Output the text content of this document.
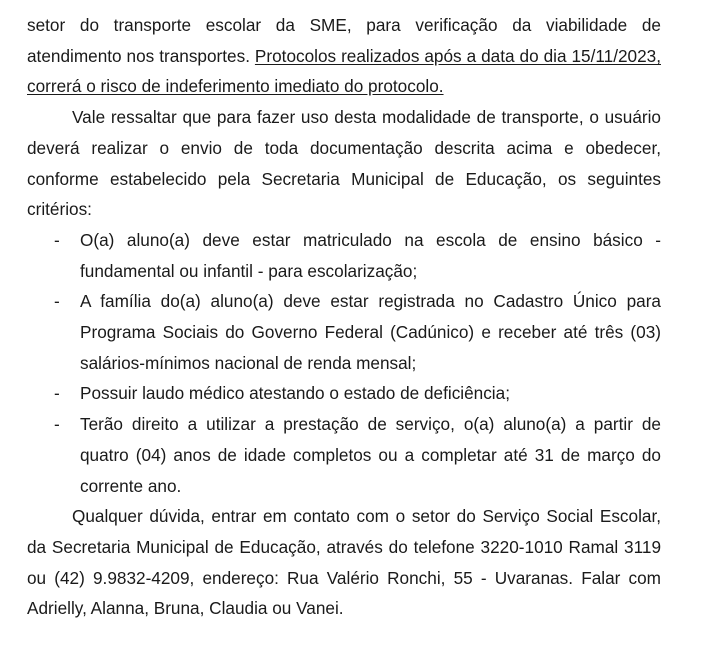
setor do transporte escolar da SME, para verificação da viabilidade de atendimento nos transportes. Protocolos realizados após a data do dia 15/11/2023, correrá o risco de indeferimento imediato do protocolo.

Vale ressaltar que para fazer uso desta modalidade de transporte, o usuário deverá realizar o envio de toda documentação descrita acima e obedecer, conforme estabelecido pela Secretaria Municipal de Educação, os seguintes critérios:

- O(a) aluno(a) deve estar matriculado na escola de ensino básico - fundamental ou infantil - para escolarização;
- A família do(a) aluno(a) deve estar registrada no Cadastro Único para Programa Sociais do Governo Federal (Cadúnico) e receber até três (03) salários-mínimos nacional de renda mensal;
- Possuir laudo médico atestando o estado de deficiência;
- Terão direito a utilizar a prestação de serviço, o(a) aluno(a) a partir de quatro (04) anos de idade completos ou a completar até 31 de março do corrente ano.

Qualquer dúvida, entrar em contato com o setor do Serviço Social Escolar, da Secretaria Municipal de Educação, através do telefone 3220-1010 Ramal 3119 ou (42) 9.9832-4209, endereço: Rua Valério Ronchi, 55 - Uvaranas. Falar com Adrielly, Alanna, Bruna, Claudia ou Vanei.
